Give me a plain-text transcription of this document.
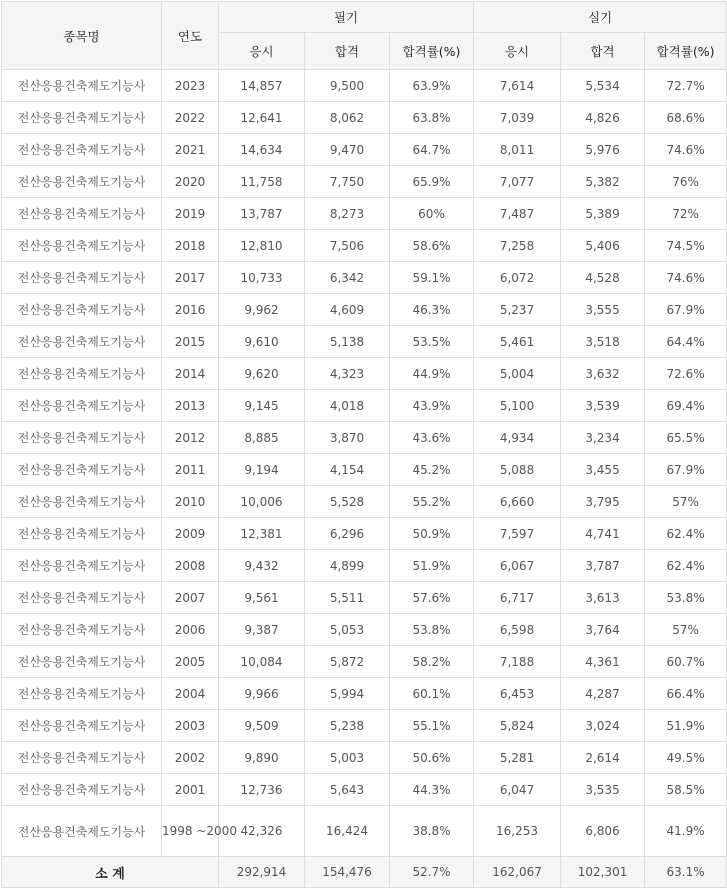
종목명	연도	필기			실기		
		응시	합격	합격률(%)	응시	합격	합격률(%)
전산응용건축제도기능사	2023	14,857	9,500	63.9%	7,614	5,534	72.7%
전산응용건축제도기능사	2022	12,641	8,062	63.8%	7,039	4,826	68.6%
전산응용건축제도기능사	2021	14,634	9,470	64.7%	8,011	5,976	74.6%
전산응용건축제도기능사	2020	11,758	7,750	65.9%	7,077	5,382	76%
전산응용건축제도기능사	2019	13,787	8,273	60%	7,487	5,389	72%
전산응용건축제도기능사	2018	12,810	7,506	58.6%	7,258	5,406	74.5%
전산응용건축제도기능사	2017	10,733	6,342	59.1%	6,072	4,528	74.6%
전산응용건축제도기능사	2016	9,962	4,609	46.3%	5,237	3,555	67.9%
전산응용건축제도기능사	2015	9,610	5,138	53.5%	5,461	3,518	64.4%
전산응용건축제도기능사	2014	9,620	4,323	44.9%	5,004	3,632	72.6%
전산응용건축제도기능사	2013	9,145	4,018	43.9%	5,100	3,539	69.4%
전산응용건축제도기능사	2012	8,885	3,870	43.6%	4,934	3,234	65.5%
전산응용건축제도기능사	2011	9,194	4,154	45.2%	5,088	3,455	67.9%
전산응용건축제도기능사	2010	10,006	5,528	55.2%	6,660	3,795	57%
전산응용건축제도기능사	2009	12,381	6,296	50.9%	7,597	4,741	62.4%
전산응용건축제도기능사	2008	9,432	4,899	51.9%	6,067	3,787	62.4%
전산응용건축제도기능사	2007	9,561	5,511	57.6%	6,717	3,613	53.8%
전산응용건축제도기능사	2006	9,387	5,053	53.8%	6,598	3,764	57%
전산응용건축제도기능사	2005	10,084	5,872	58.2%	7,188	4,361	60.7%
전산응용건축제도기능사	2004	9,966	5,994	60.1%	6,453	4,287	66.4%
전산응용건축제도기능사	2003	9,509	5,238	55.1%	5,824	3,024	51.9%
전산응용건축제도기능사	2002	9,890	5,003	50.6%	5,281	2,614	49.5%
전산응용건축제도기능사	2001	12,736	5,643	44.3%	6,047	3,535	58.5%
전산응용건축제도기능사	1998 ~2000	42,326	16,424	38.8%	16,253	6,806	41.9%
소 계		292,914	154,476	52.7%	162,067	102,301	63.1%
